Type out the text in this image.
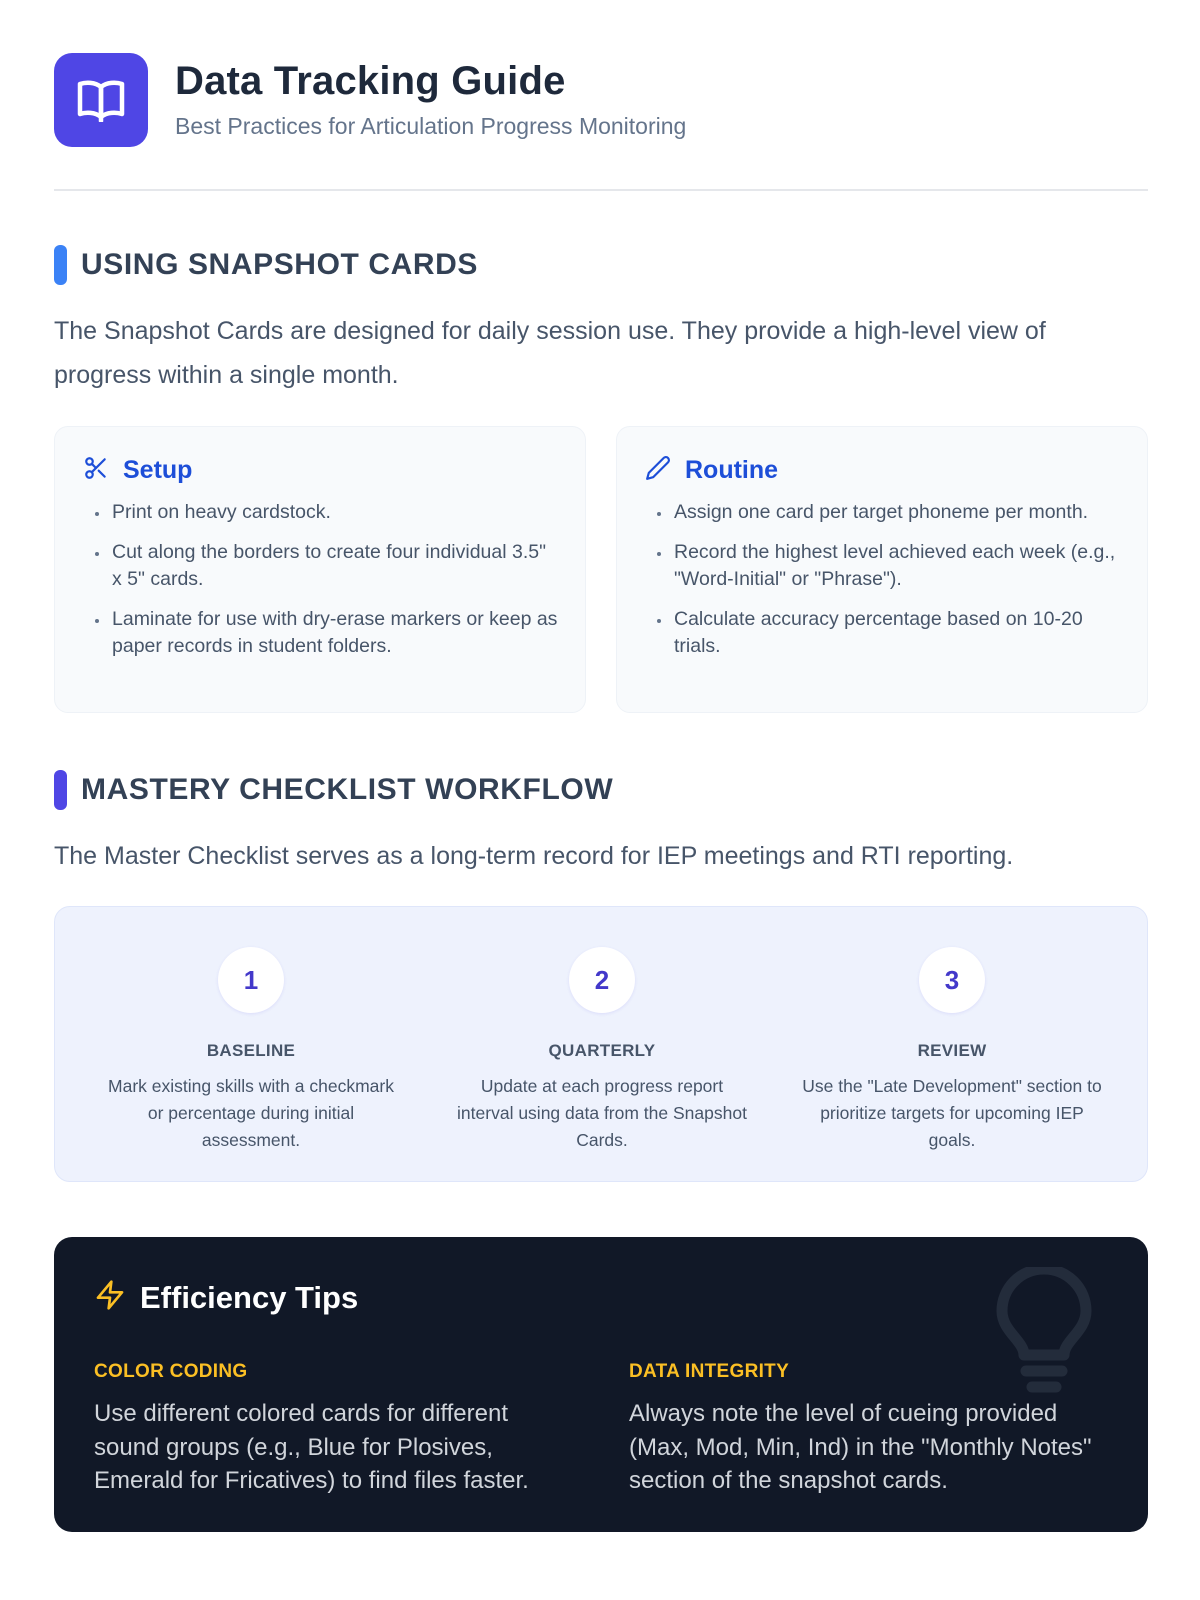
Data Tracking Guide
Best Practices for Articulation Progress Monitoring
USING SNAPSHOT CARDS
The Snapshot Cards are designed for daily session use. They provide a high-level view of progress within a single month.
Setup
• Print on heavy cardstock.
• Cut along the borders to create four individual 3.5" x 5" cards.
• Laminate for use with dry-erase markers or keep as paper records in student folders.
Routine
• Assign one card per target phoneme per month.
• Record the highest level achieved each week (e.g., "Word-Initial" or "Phrase").
• Calculate accuracy percentage based on 10-20 trials.
MASTERY CHECKLIST WORKFLOW
The Master Checklist serves as a long-term record for IEP meetings and RTI reporting.
1
BASELINE
Mark existing skills with a checkmark or percentage during initial assessment.
2
QUARTERLY
Update at each progress report interval using data from the Snapshot Cards.
3
REVIEW
Use the "Late Development" section to prioritize targets for upcoming IEP goals.
Efficiency Tips
COLOR CODING
Use different colored cards for different sound groups (e.g., Blue for Plosives, Emerald for Fricatives) to find files faster.
DATA INTEGRITY
Always note the level of cueing provided (Max, Mod, Min, Ind) in the "Monthly Notes" section of the snapshot cards.
